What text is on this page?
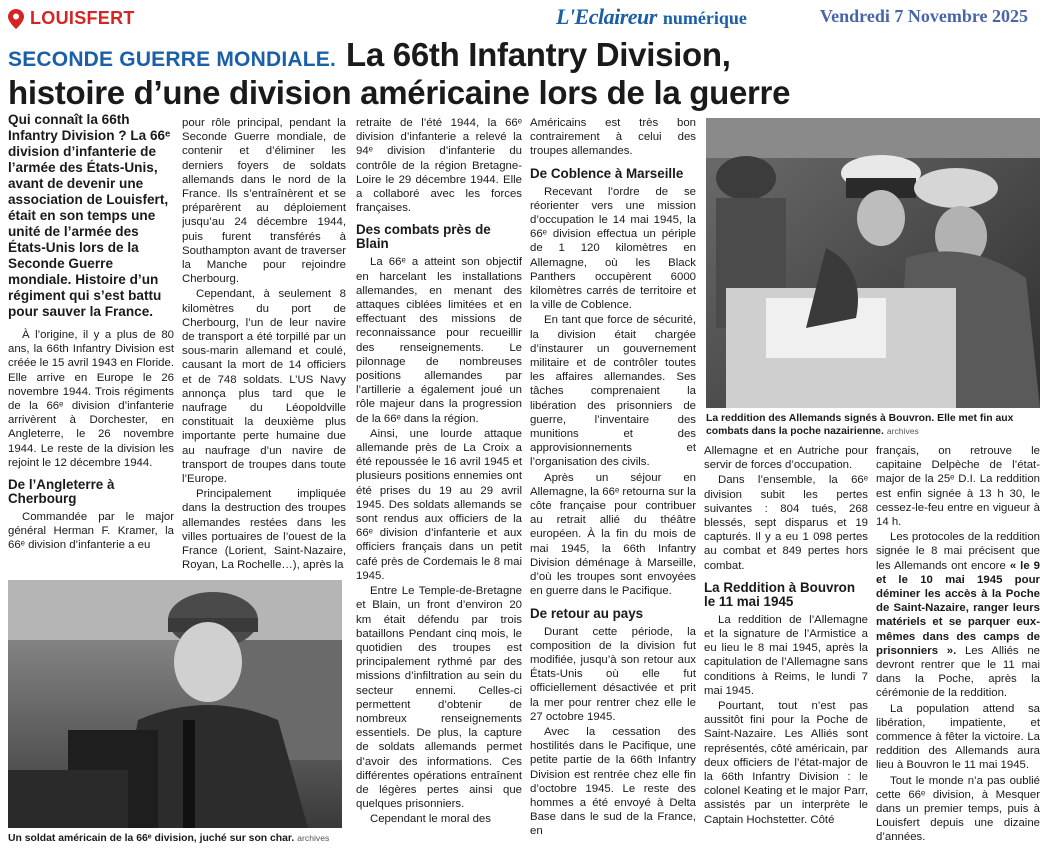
LOUISFERT	L'Eclaireur numérique	Vendredi 7 Novembre 2025
SECONDE GUERRE MONDIALE. La 66th Infantry Division,
histoire d’une division américaine lors de la guerre
Qui connaît la 66th Infantry Division ? La 66ᵉ division d’infanterie de l’armée des États-Unis, avant de devenir une association de Louisfert, était en son temps une unité de l’armée des États-Unis lors de la Seconde Guerre mondiale. Histoire d’un régiment qui s’est battu pour sauver la France.

À l’origine, il y a plus de 80 ans, la 66th Infantry Division est créée le 15 avril 1943 en Floride. Elle arrive en Europe le 26 novembre 1944. Trois régiments de la 66ᵉ division d’infanterie arrivèrent à Dorchester, en Angleterre, le 26 novembre 1944. Le reste de la division les rejoint le 12 décembre 1944.

De l’Angleterre à Cherbourg

Commandée par le major général Herman F. Kramer, la 66ᵉ division d’infanterie a eu

pour rôle principal, pendant la Seconde Guerre mondiale, de contenir et d’éliminer les derniers foyers de soldats allemands dans le nord de la France. Ils s’entraînèrent et se préparèrent au déploiement jusqu’au 24 décembre 1944, puis furent transférés à Southampton avant de traverser la Manche pour rejoindre Cherbourg.

Cependant, à seulement 8 kilomètres du port de Cherbourg, l’un de leur navire de transport a été torpillé par un sous-marin allemand et coulé, causant la mort de 14 officiers et de 748 soldats. L’US Navy annonça plus tard que le naufrage du Léopoldville constituait la deuxième plus importante perte humaine due au naufrage d’un navire de transport de troupes dans toute l’Europe.

Principalement impliquée dans la destruction des troupes allemandes restées dans les villes portuaires de l’ouest de la France (Lorient, Saint-Nazaire, Royan, La Rochelle…), après la

Un soldat américain de la 66ᵉ division, juché sur son char. archives

retraite de l’été 1944, la 66ᵉ division d’infanterie a relevé la 94ᵉ division d’infanterie du contrôle de la région Bretagne-Loire le 29 décembre 1944. Elle a collaboré avec les forces françaises.

Des combats près de Blain

La 66ᵉ a atteint son objectif en harcelant les installations allemandes, en menant des attaques ciblées limitées et en effectuant des missions de reconnaissance pour recueillir des renseignements. Le pilonnage de nombreuses positions allemandes par l’artillerie a également joué un rôle majeur dans la progression de la 66ᵉ dans la région.

Ainsi, une lourde attaque allemande près de La Croix a été repoussée le 16 avril 1945 et plusieurs positions ennemies ont été prises du 19 au 29 avril 1945. Des soldats allemands se sont rendus aux officiers de la 66ᵉ division d’infanterie et aux officiers français dans un petit café près de Cordemais le 8 mai 1945.

Entre Le Temple-de-Bretagne et Blain, un front d’environ 20 km était défendu par trois bataillons Pendant cinq mois, le quotidien des troupes est principalement rythmé par des missions d’infiltration au sein du secteur ennemi. Celles-ci permettent d’obtenir de nombreux renseignements essentiels. De plus, la capture de soldats allemands permet d’avoir des informations. Ces différentes opérations entraînent de légères pertes ainsi que quelques prisonniers.

Cependant le moral des

Américains est très bon contrairement à celui des troupes allemandes.

De Coblence à Marseille

Recevant l’ordre de se réorienter vers une mission d’occupation le 14 mai 1945, la 66ᵉ division effectua un périple de 1 120 kilomètres en Allemagne, où les Black Panthers occupèrent 6000 kilomètres carrés de territoire et la ville de Coblence.

En tant que force de sécurité, la division était chargée d’instaurer un gouvernement militaire et de contrôler toutes les affaires allemandes. Ses tâches comprenaient la libération des prisonniers de guerre, l’inventaire des munitions et des approvisionnements et l’organisation des civils.

Après un séjour en Allemagne, la 66ᵉ retourna sur la côte française pour contribuer au retrait allié du théâtre européen. À la fin du mois de mai 1945, la 66th Infantry Division déménage à Marseille, d’où les troupes sont envoyées en guerre dans le Pacifique.

De retour au pays

Durant cette période, la composition de la division fut modifiée, jusqu’à son retour aux États-Unis où elle fut officiellement désactivée et prit la mer pour rentrer chez elle le 27 octobre 1945.

Avec la cessation des hostilités dans le Pacifique, une petite partie de la 66th Infantry Division est rentrée chez elle fin d’octobre 1945. Le reste des hommes a été envoyé à Delta Base dans le sud de la France, en

La reddition des Allemands signés à Bouvron. Elle met fin aux combats dans la poche nazairienne. archives

Allemagne et en Autriche pour servir de forces d’occupation.

Dans l’ensemble, la 66ᵉ division subit les pertes suivantes : 804 tués, 268 blessés, sept disparus et 19 capturés. Il y a eu 1 098 pertes au combat et 849 pertes hors combat.

La Reddition à Bouvron le 11 mai 1945

La reddition de l’Allemagne et la signature de l’Armistice a eu lieu le 8 mai 1945, après la capitulation de l’Allemagne sans conditions à Reims, le lundi 7 mai 1945.

Pourtant, tout n’est pas aussitôt fini pour la Poche de Saint-Nazaire. Les Alliés sont représentés, côté américain, par deux officiers de l’état-major de la 66th Infantry Division : le colonel Keating et le major Parr, assistés par un interprète le Captain Hochstetter. Côté

français, on retrouve le capitaine Delpèche de l’état-major de la 25ᵉ D.I. La reddition est enfin signée à 13 h 30, le cessez-le-feu entre en vigueur à 14 h.

Les protocoles de la reddition signée le 8 mai précisent que les Allemands ont encore « le 9 et le 10 mai 1945 pour déminer les accès à la Poche de Saint-Nazaire, ranger leurs matériels et se parquer eux-mêmes dans des camps de prisonniers ». Les Alliés ne devront rentrer que le 11 mai dans la Poche, après la cérémonie de la reddition.

La population attend sa libération, impatiente, et commence à fêter la victoire. La reddition des Allemands aura lieu à Bouvron le 11 mai 1945.

Tout le monde n’a pas oublié cette 66ᵉ division, à Mesquer dans un premier temps, puis à Louisfert depuis une dizaine d’années.
